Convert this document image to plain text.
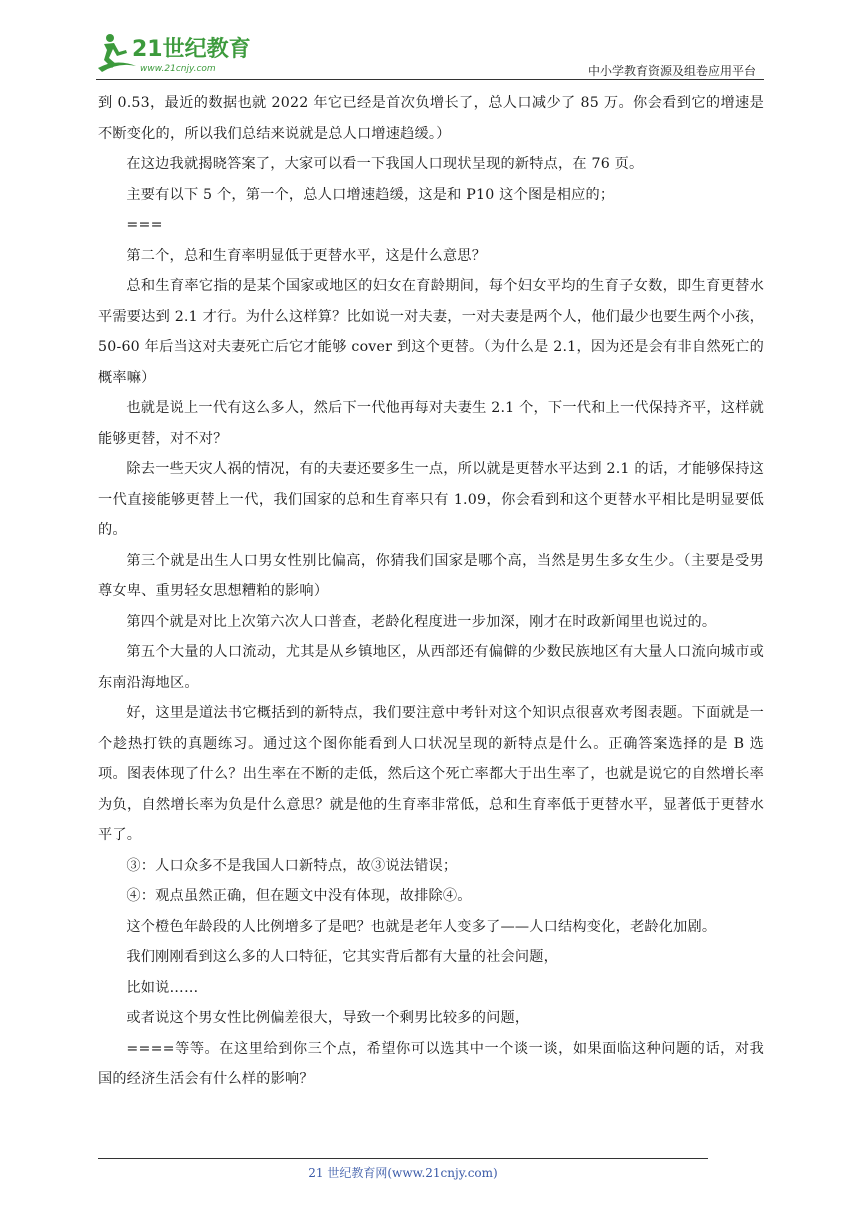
21世纪教育
www.21cnjy.com	中小学教育资源及组卷应用平台

到 0.53，最近的数据也就 2022 年它已经是首次负增长了，总人口减少了 85 万。你会看到它的增速是不断变化的，所以我们总结来说就是总人口增速趋缓。）

在这边我就揭晓答案了，大家可以看一下我国人口现状呈现的新特点，在 76 页。

主要有以下 5 个，第一个，总人口增速趋缓，这是和 P10 这个图是相应的；

===

第二个，总和生育率明显低于更替水平，这是什么意思？

总和生育率它指的是某个国家或地区的妇女在育龄期间，每个妇女平均的生育子女数，即生育更替水平需要达到 2.1 才行。为什么这样算？比如说一对夫妻，一对夫妻是两个人，他们最少也要生两个小孩，50-60 年后当这对夫妻死亡后它才能够 cover 到这个更替。（为什么是 2.1，因为还是会有非自然死亡的概率嘛）

也就是说上一代有这么多人，然后下一代他再每对夫妻生 2.1 个，下一代和上一代保持齐平，这样就能够更替，对不对？

除去一些天灾人祸的情况，有的夫妻还要多生一点，所以就是更替水平达到 2.1 的话，才能够保持这一代直接能够更替上一代，我们国家的总和生育率只有 1.09，你会看到和这个更替水平相比是明显要低的。

第三个就是出生人口男女性别比偏高，你猜我们国家是哪个高，当然是男生多女生少。（主要是受男尊女卑、重男轻女思想糟粕的影响）

第四个就是对比上次第六次人口普查，老龄化程度进一步加深，刚才在时政新闻里也说过的。

第五个大量的人口流动，尤其是从乡镇地区，从西部还有偏僻的少数民族地区有大量人口流向城市或东南沿海地区。

好，这里是道法书它概括到的新特点，我们要注意中考针对这个知识点很喜欢考图表题。下面就是一个趁热打铁的真题练习。通过这个图你能看到人口状况呈现的新特点是什么。正确答案选择的是 B 选项。图表体现了什么？出生率在不断的走低，然后这个死亡率都大于出生率了，也就是说它的自然增长率为负，自然增长率为负是什么意思？就是他的生育率非常低，总和生育率低于更替水平，显著低于更替水平了。

③：人口众多不是我国人口新特点，故③说法错误；

④：观点虽然正确，但在题文中没有体现，故排除④。

这个橙色年龄段的人比例增多了是吧？也就是老年人变多了——人口结构变化，老龄化加剧。

我们刚刚看到这么多的人口特征，它其实背后都有大量的社会问题，

比如说……

或者说这个男女性比例偏差很大，导致一个剩男比较多的问题，

====等等。在这里给到你三个点，希望你可以选其中一个谈一谈，如果面临这种问题的话，对我国的经济生活会有什么样的影响？

21 世纪教育网(www.21cnjy.com)
